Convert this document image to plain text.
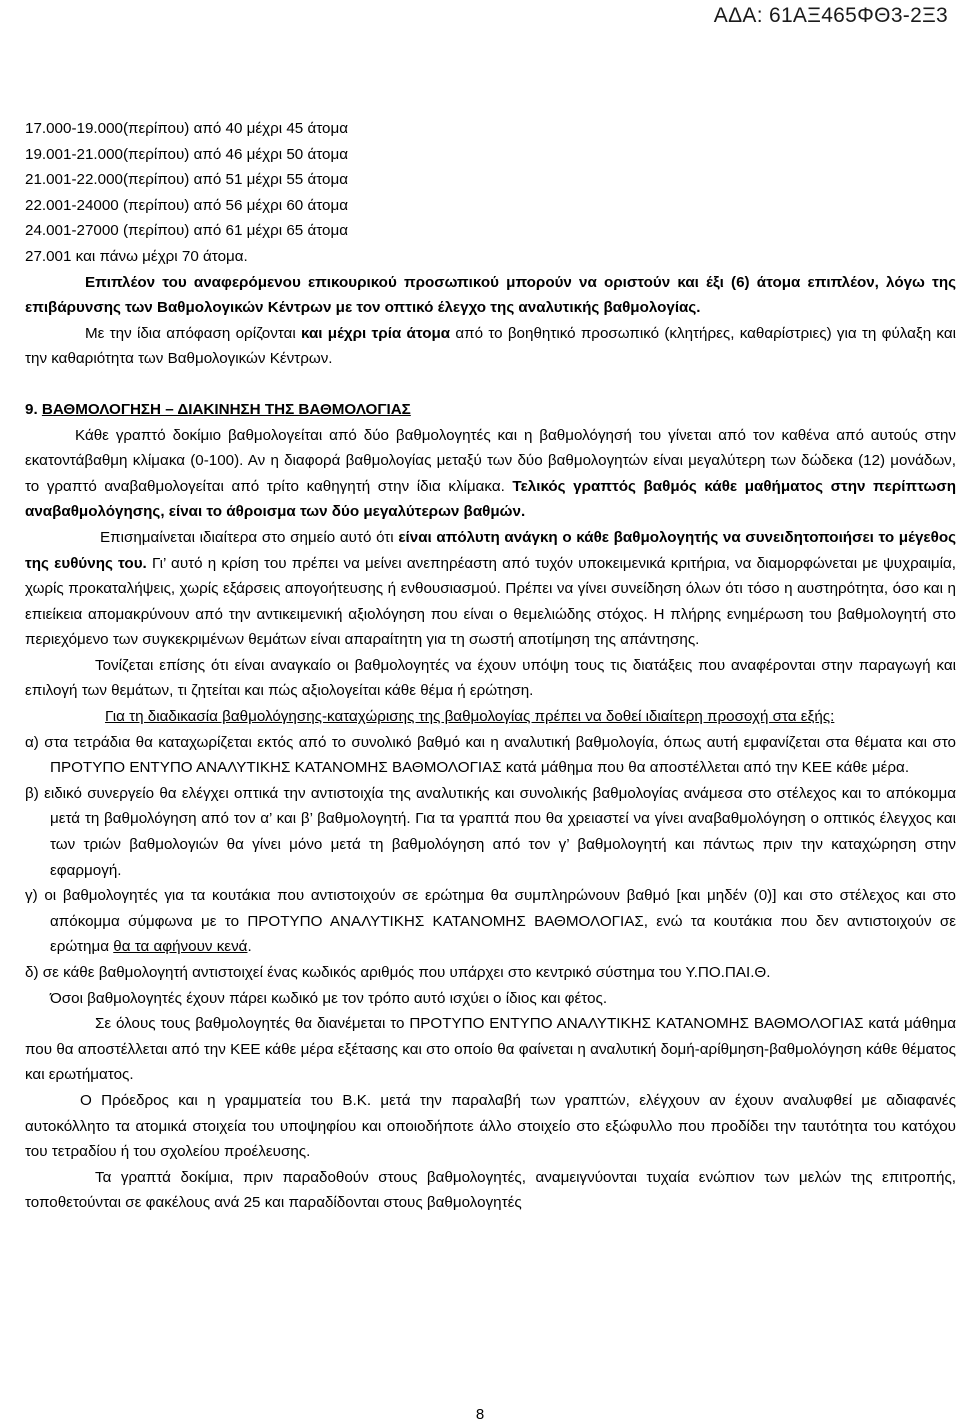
ΑΔΑ: 61ΑΞ465ΦΘ3-2Ξ3
17.000-19.000(περίπου) από 40 μέχρι 45 άτομα
19.001-21.000(περίπου) από 46 μέχρι 50 άτομα
21.001-22.000(περίπου) από 51 μέχρι 55 άτομα
22.001-24000 (περίπου) από 56 μέχρι 60 άτομα
24.001-27000 (περίπου) από 61 μέχρι 65 άτομα
27.001 και πάνω μέχρι 70 άτομα.
Επιπλέον του αναφερόμενου επικουρικού προσωπικού μπορούν να οριστούν και έξι (6) άτομα επιπλέον, λόγω της επιβάρυνσης των Βαθμολογικών Κέντρων με τον οπτικό έλεγχο της αναλυτικής βαθμολογίας.
Με την ίδια απόφαση ορίζονται και μέχρι τρία άτομα από το βοηθητικό προσωπικό (κλητήρες, καθαρίστριες) για τη φύλαξη και την καθαριότητα των Βαθμολογικών Κέντρων.
9. ΒΑΘΜΟΛΟΓΗΣΗ – ΔΙΑΚΙΝΗΣΗ ΤΗΣ ΒΑΘΜΟΛΟΓΙΑΣ
Κάθε γραπτό δοκίμιο βαθμολογείται από δύο βαθμολογητές και η βαθμολόγησή του γίνεται από τον καθένα από αυτούς στην εκατοντάβαθμη κλίμακα (0-100). Αν η διαφορά βαθμολογίας μεταξύ των δύο βαθμολογητών είναι μεγαλύτερη των δώδεκα (12) μονάδων, το γραπτό αναβαθμολογείται από τρίτο καθηγητή στην ίδια κλίμακα. Τελικός γραπτός βαθμός κάθε μαθήματος στην περίπτωση αναβαθμολόγησης, είναι το άθροισμα των δύο μεγαλύτερων βαθμών.
Επισημαίνεται ιδιαίτερα στο σημείο αυτό ότι είναι απόλυτη ανάγκη ο κάθε βαθμολογητής να συνειδητοποιήσει το μέγεθος της ευθύνης του. Γι’ αυτό η κρίση του πρέπει να μείνει ανεπηρέαστη από τυχόν υποκειμενικά κριτήρια, να διαμορφώνεται με ψυχραιμία, χωρίς προκαταλήψεις, χωρίς εξάρσεις απογοήτευσης ή ενθουσιασμού. Πρέπει να γίνει συνείδηση όλων ότι τόσο η αυστηρότητα, όσο και η επιείκεια απομακρύνουν από την αντικειμενική αξιολόγηση που είναι ο θεμελιώδης στόχος. Η πλήρης ενημέρωση του βαθμολογητή στο περιεχόμενο των συγκεκριμένων θεμάτων είναι απαραίτητη για τη σωστή αποτίμηση της απάντησης.
Τονίζεται επίσης ότι είναι αναγκαίο οι βαθμολογητές να έχουν υπόψη τους τις διατάξεις που αναφέρονται στην παραγωγή και επιλογή των θεμάτων, τι ζητείται και πώς αξιολογείται κάθε θέμα ή ερώτηση.
Για τη διαδικασία βαθμολόγησης-καταχώρισης της βαθμολογίας πρέπει να δοθεί ιδιαίτερη προσοχή στα εξής:
α) στα τετράδια θα καταχωρίζεται εκτός από το συνολικό βαθμό και η αναλυτική βαθμολογία, όπως αυτή εμφανίζεται στα θέματα και στο ΠΡΟΤΥΠΟ ΕΝΤΥΠΟ ΑΝΑΛΥΤΙΚΗΣ ΚΑΤΑΝΟΜΗΣ ΒΑΘΜΟΛΟΓΙΑΣ κατά μάθημα που θα αποστέλλεται από την ΚΕΕ κάθε μέρα.
β) ειδικό συνεργείο θα ελέγχει οπτικά την αντιστοιχία της αναλυτικής και συνολικής βαθμολογίας ανάμεσα στο στέλεχος και το απόκομμα μετά τη βαθμολόγηση από τον α’ και β’ βαθμολογητή. Για τα γραπτά που θα χρειαστεί να γίνει αναβαθμολόγηση ο οπτικός έλεγχος και των τριών βαθμολογιών θα γίνει μόνο μετά τη βαθμολόγηση από τον γ’ βαθμολογητή και πάντως πριν την καταχώρηση στην εφαρμογή.
γ) οι βαθμολογητές για τα κουτάκια που αντιστοιχούν σε ερώτημα θα συμπληρώνουν βαθμό [και μηδέν (0)] και στο στέλεχος και στο απόκομμα σύμφωνα με το ΠΡΟΤΥΠΟ ΑΝΑΛΥΤΙΚΗΣ ΚΑΤΑΝΟΜΗΣ ΒΑΘΜΟΛΟΓΙΑΣ, ενώ τα κουτάκια που δεν αντιστοιχούν σε ερώτημα θα τα αφήνουν κενά.
δ) σε κάθε βαθμολογητή αντιστοιχεί ένας κωδικός αριθμός που υπάρχει στο κεντρικό σύστημα του Υ.ΠΟ.ΠΑΙ.Θ.
Όσοι βαθμολογητές έχουν πάρει κωδικό με τον τρόπο αυτό ισχύει ο ίδιος και φέτος.
Σε όλους τους βαθμολογητές θα διανέμεται το ΠΡΟΤΥΠΟ ΕΝΤΥΠΟ ΑΝΑΛΥΤΙΚΗΣ ΚΑΤΑΝΟΜΗΣ ΒΑΘΜΟΛΟΓΙΑΣ κατά μάθημα που θα αποστέλλεται από την ΚΕΕ κάθε μέρα εξέτασης και στο οποίο θα φαίνεται η αναλυτική δομή-αρίθμηση-βαθμολόγηση κάθε θέματος και ερωτήματος.
Ο Πρόεδρος και η γραμματεία του Β.Κ. μετά την παραλαβή των γραπτών, ελέγχουν αν έχουν αναλυφθεί με αδιαφανές αυτοκόλλητο τα ατομικά στοιχεία του υποψηφίου και οποιοδήποτε άλλο στοιχείο στο εξώφυλλο που προδίδει την ταυτότητα του κατόχου του τετραδίου ή του σχολείου προέλευσης.
Τα γραπτά δοκίμια, πριν παραδοθούν στους βαθμολογητές, αναμειγνύονται τυχαία ενώπιον των μελών της επιτροπής, τοποθετούνται σε φακέλους ανά 25 και παραδίδονται στους βαθμολογητές
8
